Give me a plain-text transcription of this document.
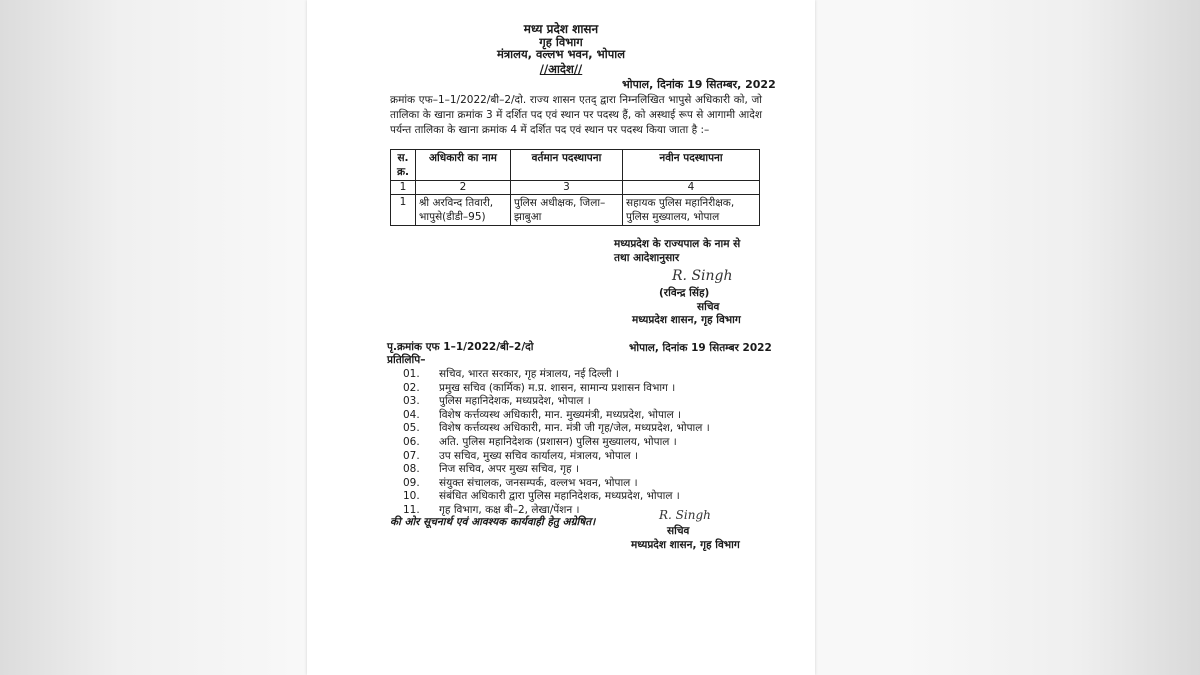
मध्य प्रदेश शासन
गृह विभाग
मंत्रालय, वल्लभ भवन, भोपाल
//आदेश//
भोपाल, दिनांक 19 सितम्बर, 2022
क्रमांक एफ–1–1/2022/बी–2/दो. राज्य शासन एतद् द्वारा निम्नलिखित भापुसे अधिकारी को, जो तालिका के खाना क्रमांक 3 में दर्शित पद एवं स्थान पर पदस्थ हैं, को अस्थाई रूप से आगामी आदेश पर्यन्त तालिका के खाना क्रमांक 4 में दर्शित पद एवं स्थान पर पदस्थ किया जाता है :–
स. क्र.	अधिकारी का नाम	वर्तमान पदस्थापना	नवीन पदस्थापना
1	2	3	4
1	श्री अरविन्द तिवारी, भापुसे(डीडी–95)	पुलिस अधीक्षक, जिला–झाबुआ	सहायक पुलिस महानिरीक्षक, पुलिस मुख्यालय, भोपाल
मध्यप्रदेश के राज्यपाल के नाम से
तथा आदेशानुसार
R. Singh
(रविन्द्र सिंह)
सचिव
मध्यप्रदेश शासन, गृह विभाग
पृ.क्रमांक एफ 1–1/2022/बी–2/दो	भोपाल, दिनांक 19 सितम्बर 2022
प्रतिलिपि–
01. सचिव, भारत सरकार, गृह मंत्रालय, नई दिल्ली ।
02. प्रमुख सचिव (कार्मिक) म.प्र. शासन, सामान्य प्रशासन विभाग ।
03. पुलिस महानिदेशक, मध्यप्रदेश, भोपाल ।
04. विशेष कर्त्तव्यस्थ अधिकारी, मान. मुख्यमंत्री, मध्यप्रदेश, भोपाल ।
05. विशेष कर्त्तव्यस्थ अधिकारी, मान. मंत्री जी गृह/जेल, मध्यप्रदेश, भोपाल ।
06. अति. पुलिस महानिदेशक (प्रशासन) पुलिस मुख्यालय, भोपाल ।
07. उप सचिव, मुख्य सचिव कार्यालय, मंत्रालय, भोपाल ।
08. निज सचिव, अपर मुख्य सचिव, गृह ।
09. संयुक्त संचालक, जनसम्पर्क, वल्लभ भवन, भोपाल ।
10. संबंधित अधिकारी द्वारा पुलिस महानिदेशक, मध्यप्रदेश, भोपाल ।
11. गृह विभाग, कक्ष बी–2, लेखा/पेंशन ।
की ओर सूचनार्थ एवं आवश्यक कार्यवाही हेतु अग्रेषित।	R. Singh
सचिव
मध्यप्रदेश शासन, गृह विभाग
